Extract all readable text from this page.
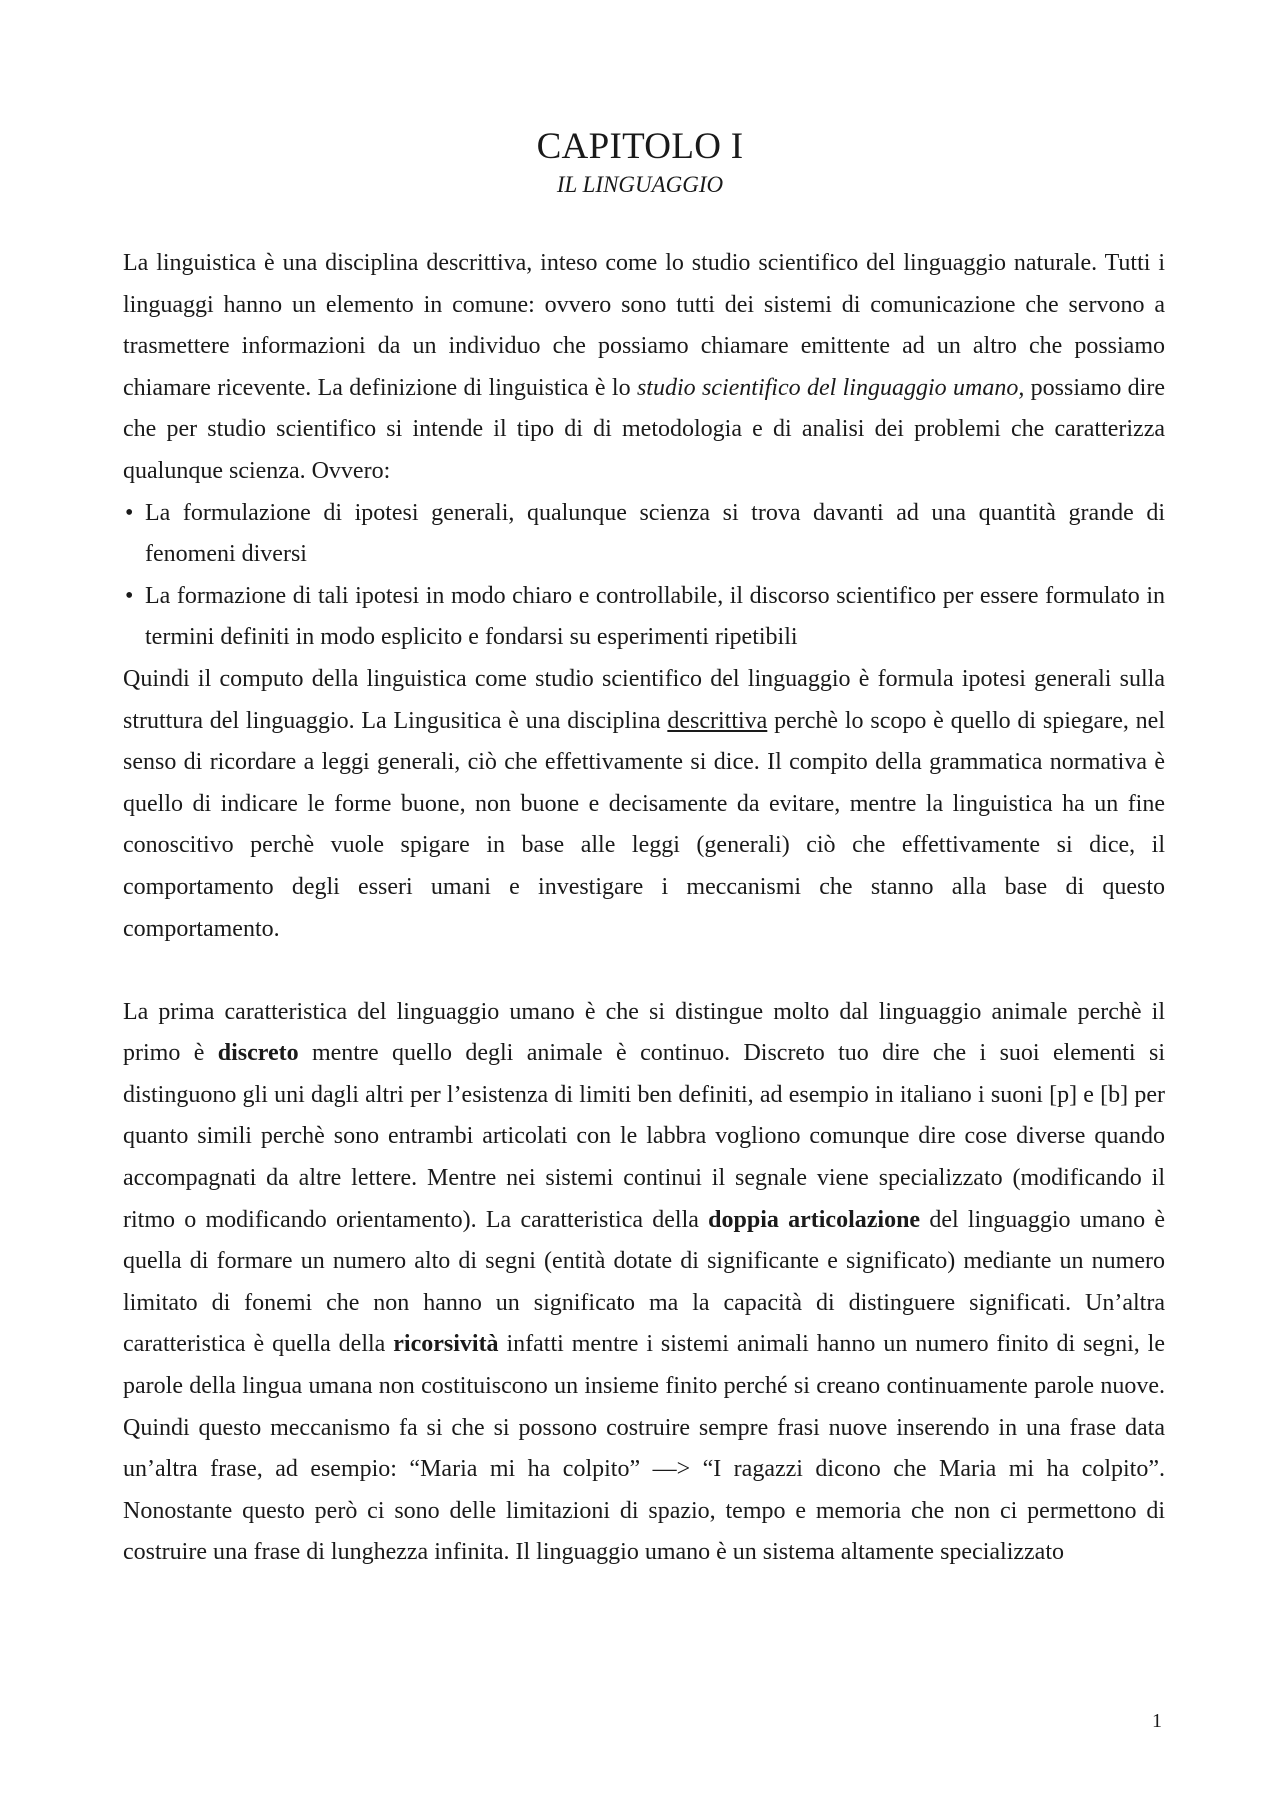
CAPITOLO I
IL LINGUAGGIO

La linguistica è una disciplina descrittiva, inteso come lo studio scientifico del linguaggio naturale. Tutti i linguaggi hanno un elemento in comune: ovvero sono tutti dei sistemi di comunicazione che servono a trasmettere informazioni da un individuo che possiamo chiamare emittente ad un altro che possiamo chiamare ricevente. La definizione di linguistica è lo studio scientifico del linguaggio umano, possiamo dire che per studio scientifico si intende il tipo di di metodologia e di analisi dei problemi che caratterizza qualunque scienza. Ovvero:

• La formulazione di ipotesi generali, qualunque scienza si trova davanti ad una quantità grande di fenomeni diversi
• La formazione di tali ipotesi in modo chiaro e controllabile, il discorso scientifico per essere formulato in termini definiti in modo esplicito e fondarsi su esperimenti ripetibili

Quindi il computo della linguistica come studio scientifico del linguaggio è formula ipotesi generali sulla struttura del linguaggio. La Lingusitica è una disciplina descrittiva perchè lo scopo è quello di spiegare, nel senso di ricordare a leggi generali, ciò che effettivamente si dice. Il compito della grammatica normativa è quello di indicare le forme buone, non buone e decisamente da evitare, mentre la linguistica ha un fine conoscitivo perchè vuole spigare in base alle leggi (generali) ciò che effettivamente si dice, il comportamento degli esseri umani e investigare i meccanismi che stanno alla base di questo comportamento.

La prima caratteristica del linguaggio umano è che si distingue molto dal linguaggio animale perchè il primo è discreto mentre quello degli animale è continuo. Discreto tuo dire che i suoi elementi si distinguono gli uni dagli altri per l’esistenza di limiti ben definiti, ad esempio in italiano i suoni [p] e [b] per quanto simili perchè sono entrambi articolati con le labbra vogliono comunque dire cose diverse quando accompagnati da altre lettere. Mentre nei sistemi continui il segnale viene specializzato (modificando il ritmo o modificando orientamento). La caratteristica della doppia articolazione del linguaggio umano è quella di formare un numero alto di segni (entità dotate di significante e significato) mediante un numero limitato di fonemi che non hanno un significato ma la capacità di distinguere significati. Un’altra caratteristica è quella della ricorsività infatti mentre i sistemi animali hanno un numero finito di segni, le parole della lingua umana non costituiscono un insieme finito perché si creano continuamente parole nuove. Quindi questo meccanismo fa si che si possono costruire sempre frasi nuove inserendo in una frase data un’altra frase, ad esempio: “Maria mi ha colpito” —> “I ragazzi dicono che Maria mi ha colpito”. Nonostante questo però ci sono delle limitazioni di spazio, tempo e memoria che non ci permettono di costruire una frase di lunghezza infinita. Il linguaggio umano è un sistema altamente specializzato

1
